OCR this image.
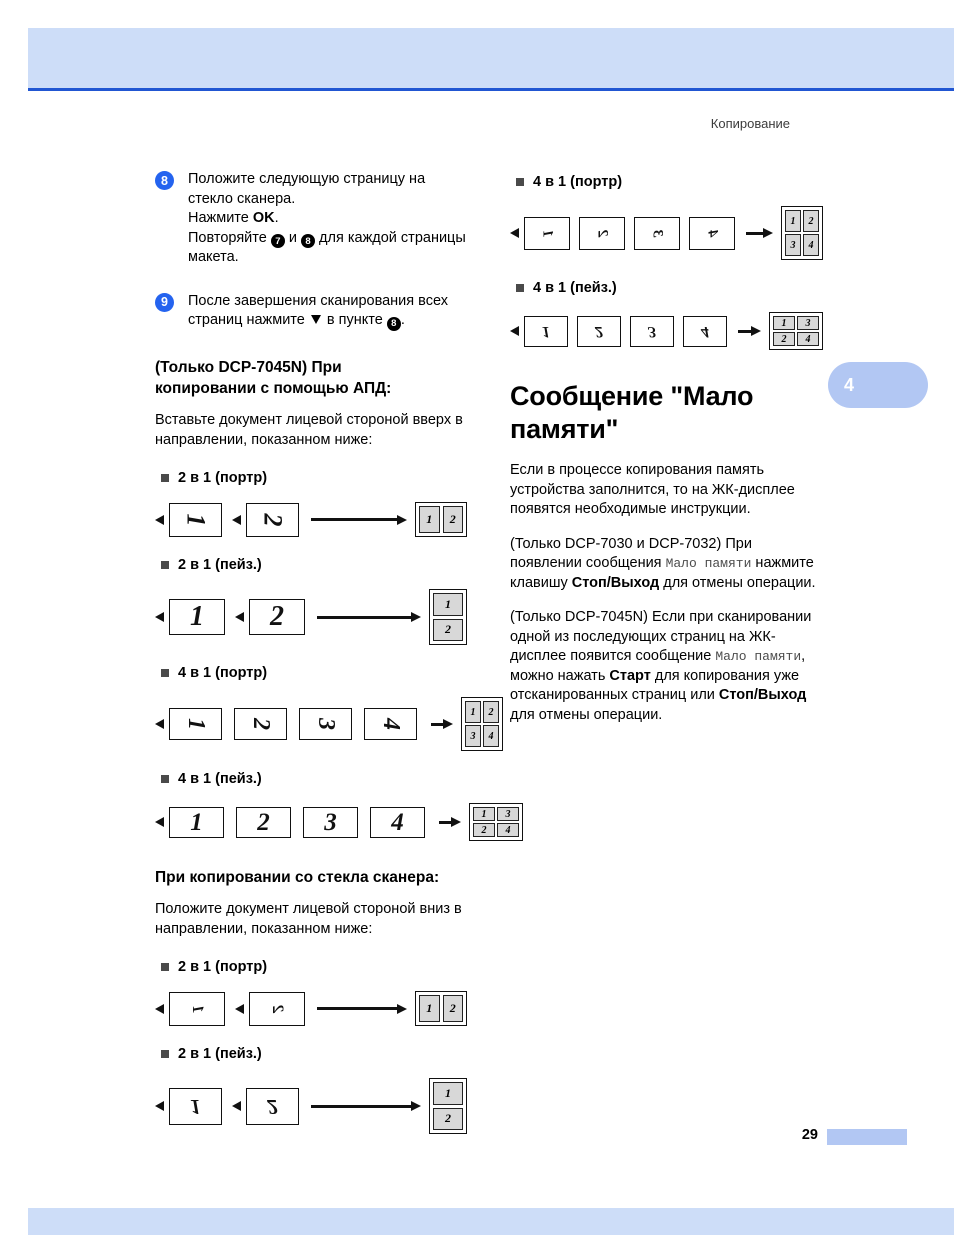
Копирование
8	Положите следующую страницу на стекло сканера.

Нажмите OK.

Повторяйте 7 и 8 для каждой страницы макета.

9	После завершения сканирования всех страниц нажмите  в пункте 8 .

(Только DCP-7045N) При копировании с помощью АПД:

Вставьте документ лицевой стороной вверх в направлении, показанном ниже:

2 в 1 (портр)
1 2	1	2
2 в 1 (пейз.)
1 2	1
2
4 в 1 (портр)
1 2 3 4
1	2
3	4
4 в 1 (пейз.)
1 2 3 4	1	3
2	4
При копировании со стекла сканера:

Положите документ лицевой стороной вниз в направлении, показанном ниже:

2 в 1 (портр)
1	2	1	2
2 в 1 (пейз.)
1	2
1
2
4 в 1 (портр)
1	2	3	4
1	2
3	4
4 в 1 (пейз.)
1	2	3	4	1	3
2	4
Сообщение "Мало памяти"

Если в процессе копирования память устройства заполнится, то на ЖК-дисплее появятся необходимые инструкции.

(Только DCP-7030 и DCP-7032) При появлении сообщения Мало памяти нажмите клавишу Стоп/Выход для отмены операции.

(Только DCP-7045N) Если при сканировании одной из последующих страниц на ЖК-дисплее появится сообщение Мало памяти, можно нажать Старт для копирования уже отсканированных страниц или Стоп/Выход для отмены операции.

4
29
